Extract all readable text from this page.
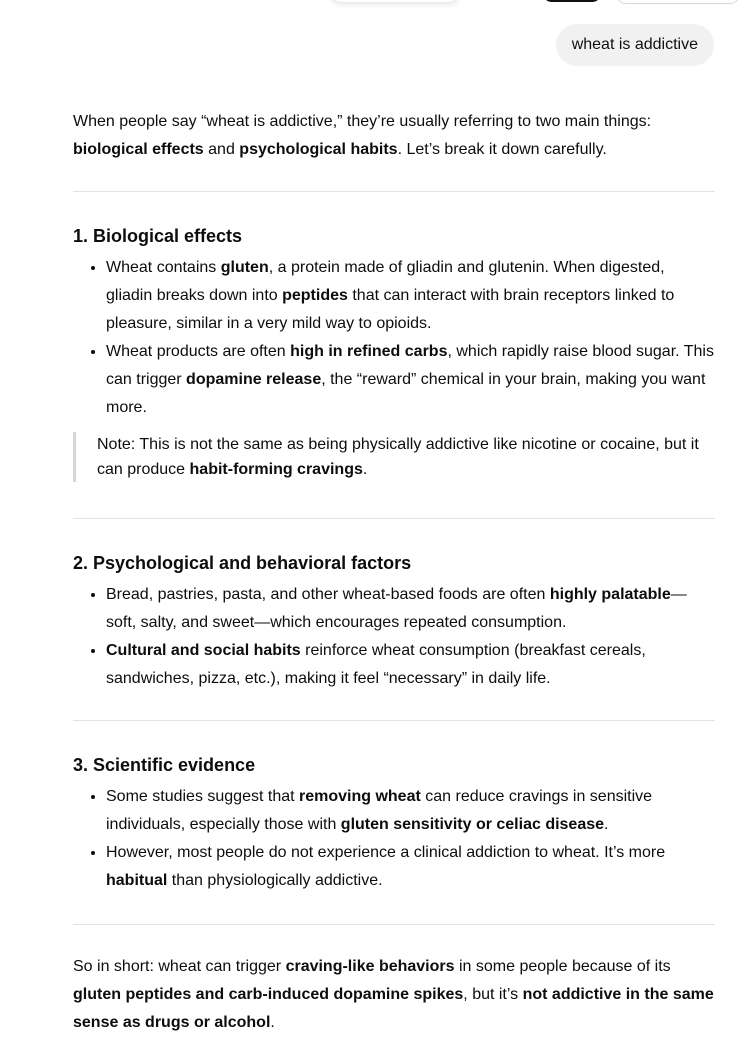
wheat is addictive

When people say “wheat is addictive,” they’re usually referring to two main things: biological effects and psychological habits. Let’s break it down carefully.

1. Biological effects
• Wheat contains gluten, a protein made of gliadin and glutenin. When digested, gliadin breaks down into peptides that can interact with brain receptors linked to pleasure, similar in a very mild way to opioids.
• Wheat products are often high in refined carbs, which rapidly raise blood sugar. This can trigger dopamine release, the “reward” chemical in your brain, making you want more.
Note: This is not the same as being physically addictive like nicotine or cocaine, but it can produce habit-forming cravings.
2. Psychological and behavioral factors
• Bread, pastries, pasta, and other wheat-based foods are often highly palatable—soft, salty, and sweet—which encourages repeated consumption.
• Cultural and social habits reinforce wheat consumption (breakfast cereals, sandwiches, pizza, etc.), making it feel “necessary” in daily life.
3. Scientific evidence
• Some studies suggest that removing wheat can reduce cravings in sensitive individuals, especially those with gluten sensitivity or celiac disease.
• However, most people do not experience a clinical addiction to wheat. It’s more habitual than physiologically addictive.

So in short: wheat can trigger craving-like behaviors in some people because of its gluten peptides and carb-induced dopamine spikes, but it’s not addictive in the same sense as drugs or alcohol.
